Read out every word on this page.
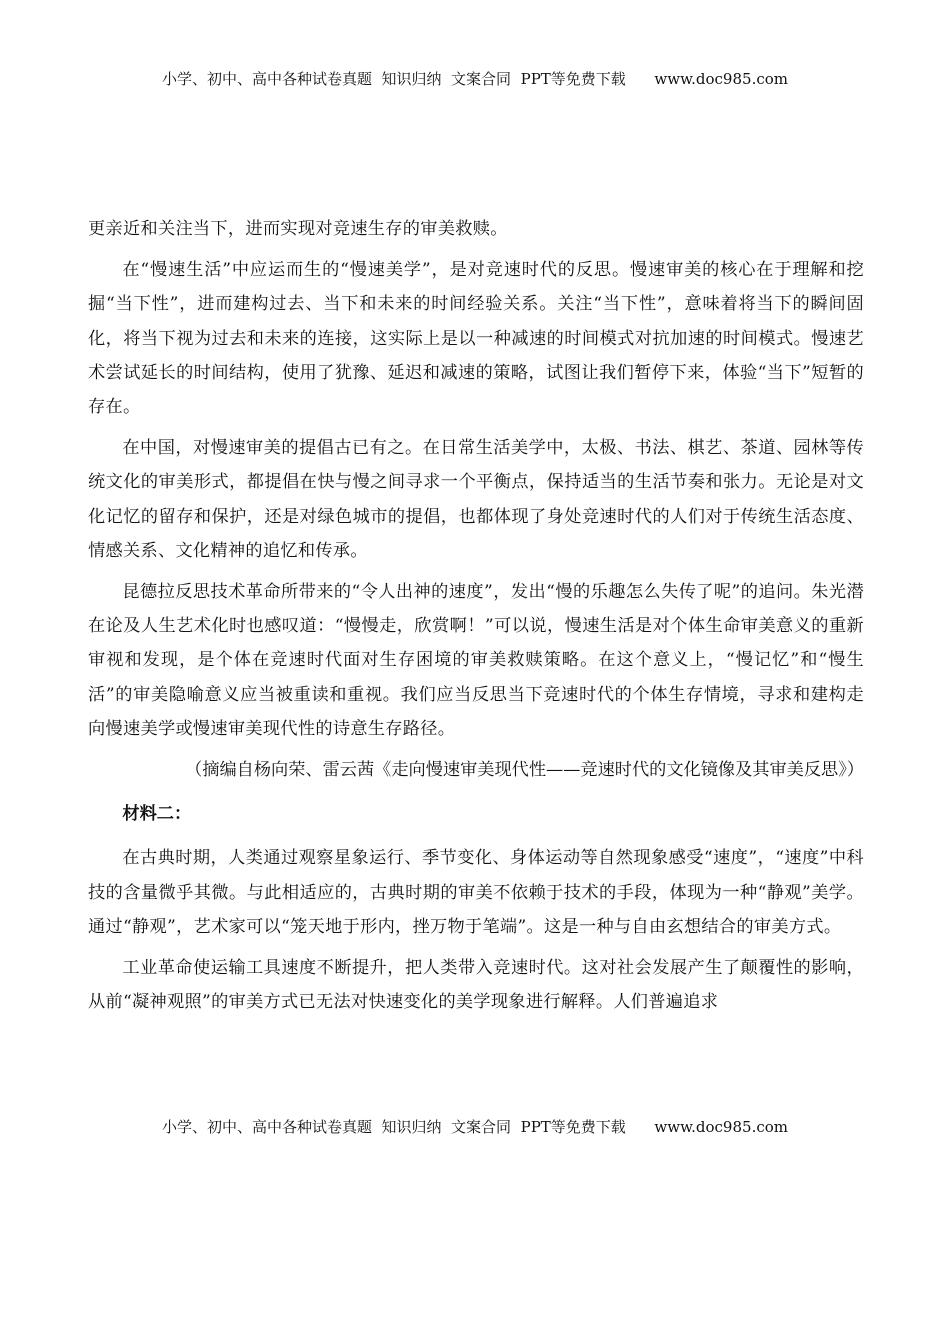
小学、初中、高中各种试卷真题  知识归纳  文案合同  PPT等免费下载      www.doc985.com

更亲近和关注当下，进而实现对竞速生存的审美救赎。

在“慢速生活”中应运而生的“慢速美学”，是对竞速时代的反思。慢速审美的核心在于理解和挖掘“当下性”，进而建构过去、当下和未来的时间经验关系。关注“当下性”，意味着将当下的瞬间固化，将当下视为过去和未来的连接，这实际上是以一种减速的时间模式对抗加速的时间模式。慢速艺术尝试延长的时间结构，使用了犹豫、延迟和减速的策略，试图让我们暂停下来，体验“当下”短暂的存在。

在中国，对慢速审美的提倡古已有之。在日常生活美学中，太极、书法、棋艺、茶道、园林等传统文化的审美形式，都提倡在快与慢之间寻求一个平衡点，保持适当的生活节奏和张力。无论是对文化记忆的留存和保护，还是对绿色城市的提倡，也都体现了身处竞速时代的人们对于传统生活态度、情感关系、文化精神的追忆和传承。

昆德拉反思技术革命所带来的“令人出神的速度”，发出“慢的乐趣怎么失传了呢”的追问。朱光潜在论及人生艺术化时也感叹道：“慢慢走，欣赏啊！”可以说，慢速生活是对个体生命审美意义的重新审视和发现，是个体在竞速时代面对生存困境的审美救赎策略。在这个意义上，“慢记忆”和“慢生活”的审美隐喻意义应当被重读和重视。我们应当反思当下竞速时代的个体生存情境，寻求和建构走向慢速美学或慢速审美现代性的诗意生存路径。

（摘编自杨向荣、雷云茜《走向慢速审美现代性——竞速时代的文化镜像及其审美反思》）

材料二：

在古典时期，人类通过观察星象运行、季节变化、身体运动等自然现象感受“速度”，“速度”中科技的含量微乎其微。与此相适应的，古典时期的审美不依赖于技术的手段，体现为一种“静观”美学。通过“静观”，艺术家可以“笼天地于形内，挫万物于笔端”。这是一种与自由玄想结合的审美方式。

工业革命使运输工具速度不断提升，把人类带入竞速时代。这对社会发展产生了颠覆性的影响，从前“凝神观照”的审美方式已无法对快速变化的美学现象进行解释。人们普遍追求

小学、初中、高中各种试卷真题  知识归纳  文案合同  PPT等免费下载      www.doc985.com
